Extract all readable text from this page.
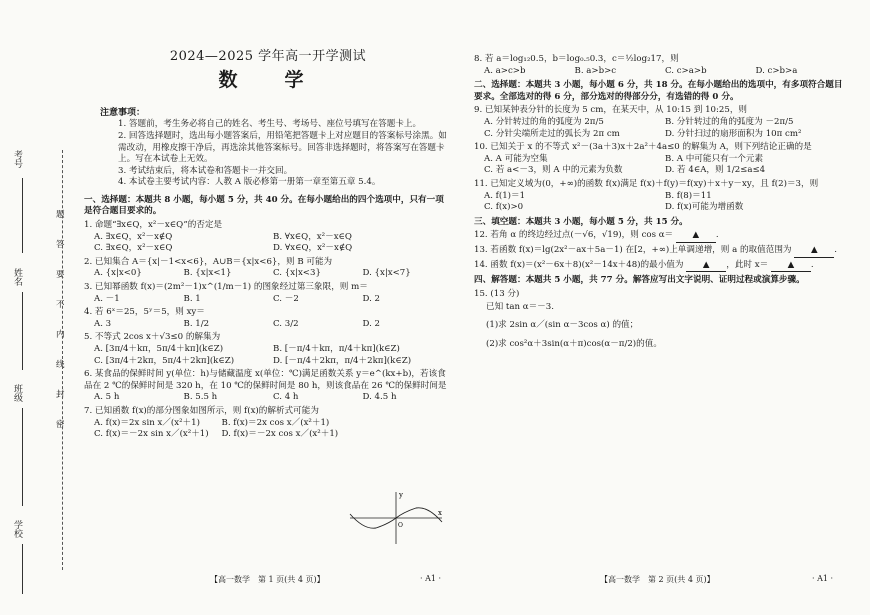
考号
姓名
班级
学校
题
答
要
不
内
线
封
密
2024—2025 学年高一开学测试
数　学
注意事项：
1. 答题前，考生务必将自己的姓名、考生号、考场号、座位号填写在答题卡上。
2. 回答选择题时，选出每小题答案后，用铅笔把答题卡上对应题目的答案标号涂黑。如需改动，用橡皮擦干净后，再选涂其他答案标号。回答非选择题时，将答案写在答题卡上。写在本试卷上无效。
3. 考试结束后，将本试卷和答题卡一并交回。
4. 本试卷主要考试内容：人教 A 版必修第一册第一章至第五章 5.4。
一、选择题：本题共 8 小题，每小题 5 分，共 40 分。在每小题给出的四个选项中，只有一项是符合题目要求的。
1. 命题“∃x∈Q，x²－x∈Q”的否定是
A. ∃x∈Q，x²－x∉Q	B. ∀x∈Q，x²－x∈Q
C. ∃x∈Q，x²－x∈Q	D. ∀x∈Q，x²－x∉Q
2. 已知集合 A＝{x|－1<x<6}，A∪B＝{x|x<6}，则 B 可能为
A. {x|x<0}	B. {x|x<1}	C. {x|x<3}	D. {x|x<7}
3. 已知幂函数 f(x)＝(2m²－1)x^(1/m－1) 的图象经过第三象限，则 m＝
A. －1	B. 1	C. －2	D. 2
4. 若 6ˣ＝25，5ʸ＝5，则 xy＝
A. 3	B. 1/2	C. 3/2	D. 2
5. 不等式 2cos x＋√3≤0 的解集为
A. [3π/4＋kπ，5π/4＋kπ](k∈Z)	B. [－π/4＋kπ，π/4＋kπ](k∈Z)
C. [3π/4＋2kπ，5π/4＋2kπ](k∈Z)	D. [－π/4＋2kπ，π/4＋2kπ](k∈Z)
6. 某食品的保鲜时间 y(单位：h)与储藏温度 x(单位：℃)满足函数关系 y＝e^(kx+b)，若该食品在 2 ℃的保鲜时间是 320 h，在 10 ℃的保鲜时间是 80 h，则该食品在 26 ℃的保鲜时间是
A. 5 h	B. 5.5 h	C. 4 h	D. 4.5 h
7. 已知函数 f(x)的部分图象如图所示，则 f(x)的解析式可能为
A. f(x)＝2x sin x／(x²＋1)	B. f(x)＝2x cos x／(x²＋1)
C. f(x)＝－2x sin x／(x²＋1)	D. f(x)＝－2x cos x／(x²＋1)
x
y
O
【高一数学　第 1 页(共 4 页)】	· A1 ·
8. 若 a＝log₁₂0.5，b＝log₀.₅0.3，c＝½log₂17，则
A. a>c>b	B. a>b>c	C. c>a>b	D. c>b>a
二、选择题：本题共 3 小题，每小题 6 分，共 18 分。在每小题给出的选项中，有多项符合题目要求。全部选对的得 6 分，部分选对的得部分分，有选错的得 0 分。
9. 已知某钟表分针的长度为 5 cm，在某天中，从 10:15 到 10:25，则
A. 分针转过的角的弧度为 2π/5	B. 分针转过的角的弧度为 －2π/5
C. 分针尖端所走过的弧长为 2π cm	D. 分针扫过的扇形面积为 10π cm²
10. 已知关于 x 的不等式 x²－(3a＋3)x＋2a²＋4a≤0 的解集为 A，则下列结论正确的是
A. A 可能为空集	B. A 中可能只有一个元素
C. 若 a<－3，则 A 中的元素为负数	D. 若 4∈A，则 1/2≤a≤4
11. 已知定义域为(0，+∞)的函数 f(x)满足 f(x)＋f(y)＝f(xy)＋x＋y－xy，且 f(2)＝3，则
A. f(1)＝1	B. f(8)＝11
C. f(x)>0	D. f(x)可能为增函数
三、填空题：本题共 3 小题，每小题 5 分，共 15 分。
12. 若角 α 的终边经过点(－√6，√19)，则 cos α＝ ▲ .
13. 若函数 f(x)＝lg(2x²－ax＋5a－1) 在[2，+∞)上单调递增，则 a 的取值范围为 ▲ .
14. 函数 f(x)＝(x²－6x＋8)(x²－14x＋48)的最小值为 ▲ ，此时 x＝ ▲ .
四、解答题：本题共 5 小题，共 77 分。解答应写出文字说明、证明过程或演算步骤。
15. (13 分)
已知 tan α＝－3.
(1)求 2sin α／(sin α－3cos α) 的值；
(2)求 cos²α＋3sin(α＋π)cos(α－π/2)的值。
【高一数学　第 2 页(共 4 页)】	· A1 ·
